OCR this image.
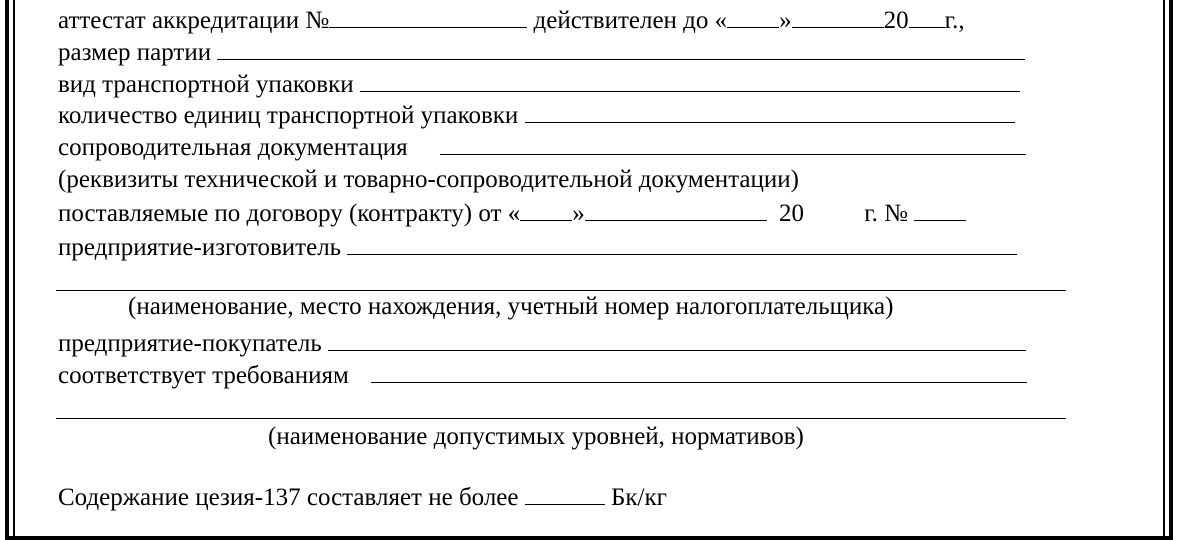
аттестат аккредитации №	действителен до « »	20 г.,
размер партии
вид транспортной упаковки
количество единиц транспортной упаковки
сопроводительная документация
(реквизиты технической и товарно-сопроводительной документации)
поставляемые по договору (контракту) от « »	20 г. №
предприятие-изготовитель
(наименование, место нахождения, учетный номер налогоплательщика)
предприятие-покупатель
соответствует требованиям
(наименование допустимых уровней, нормативов)
Содержание цезия-137 составляет не более	Бк/кг
